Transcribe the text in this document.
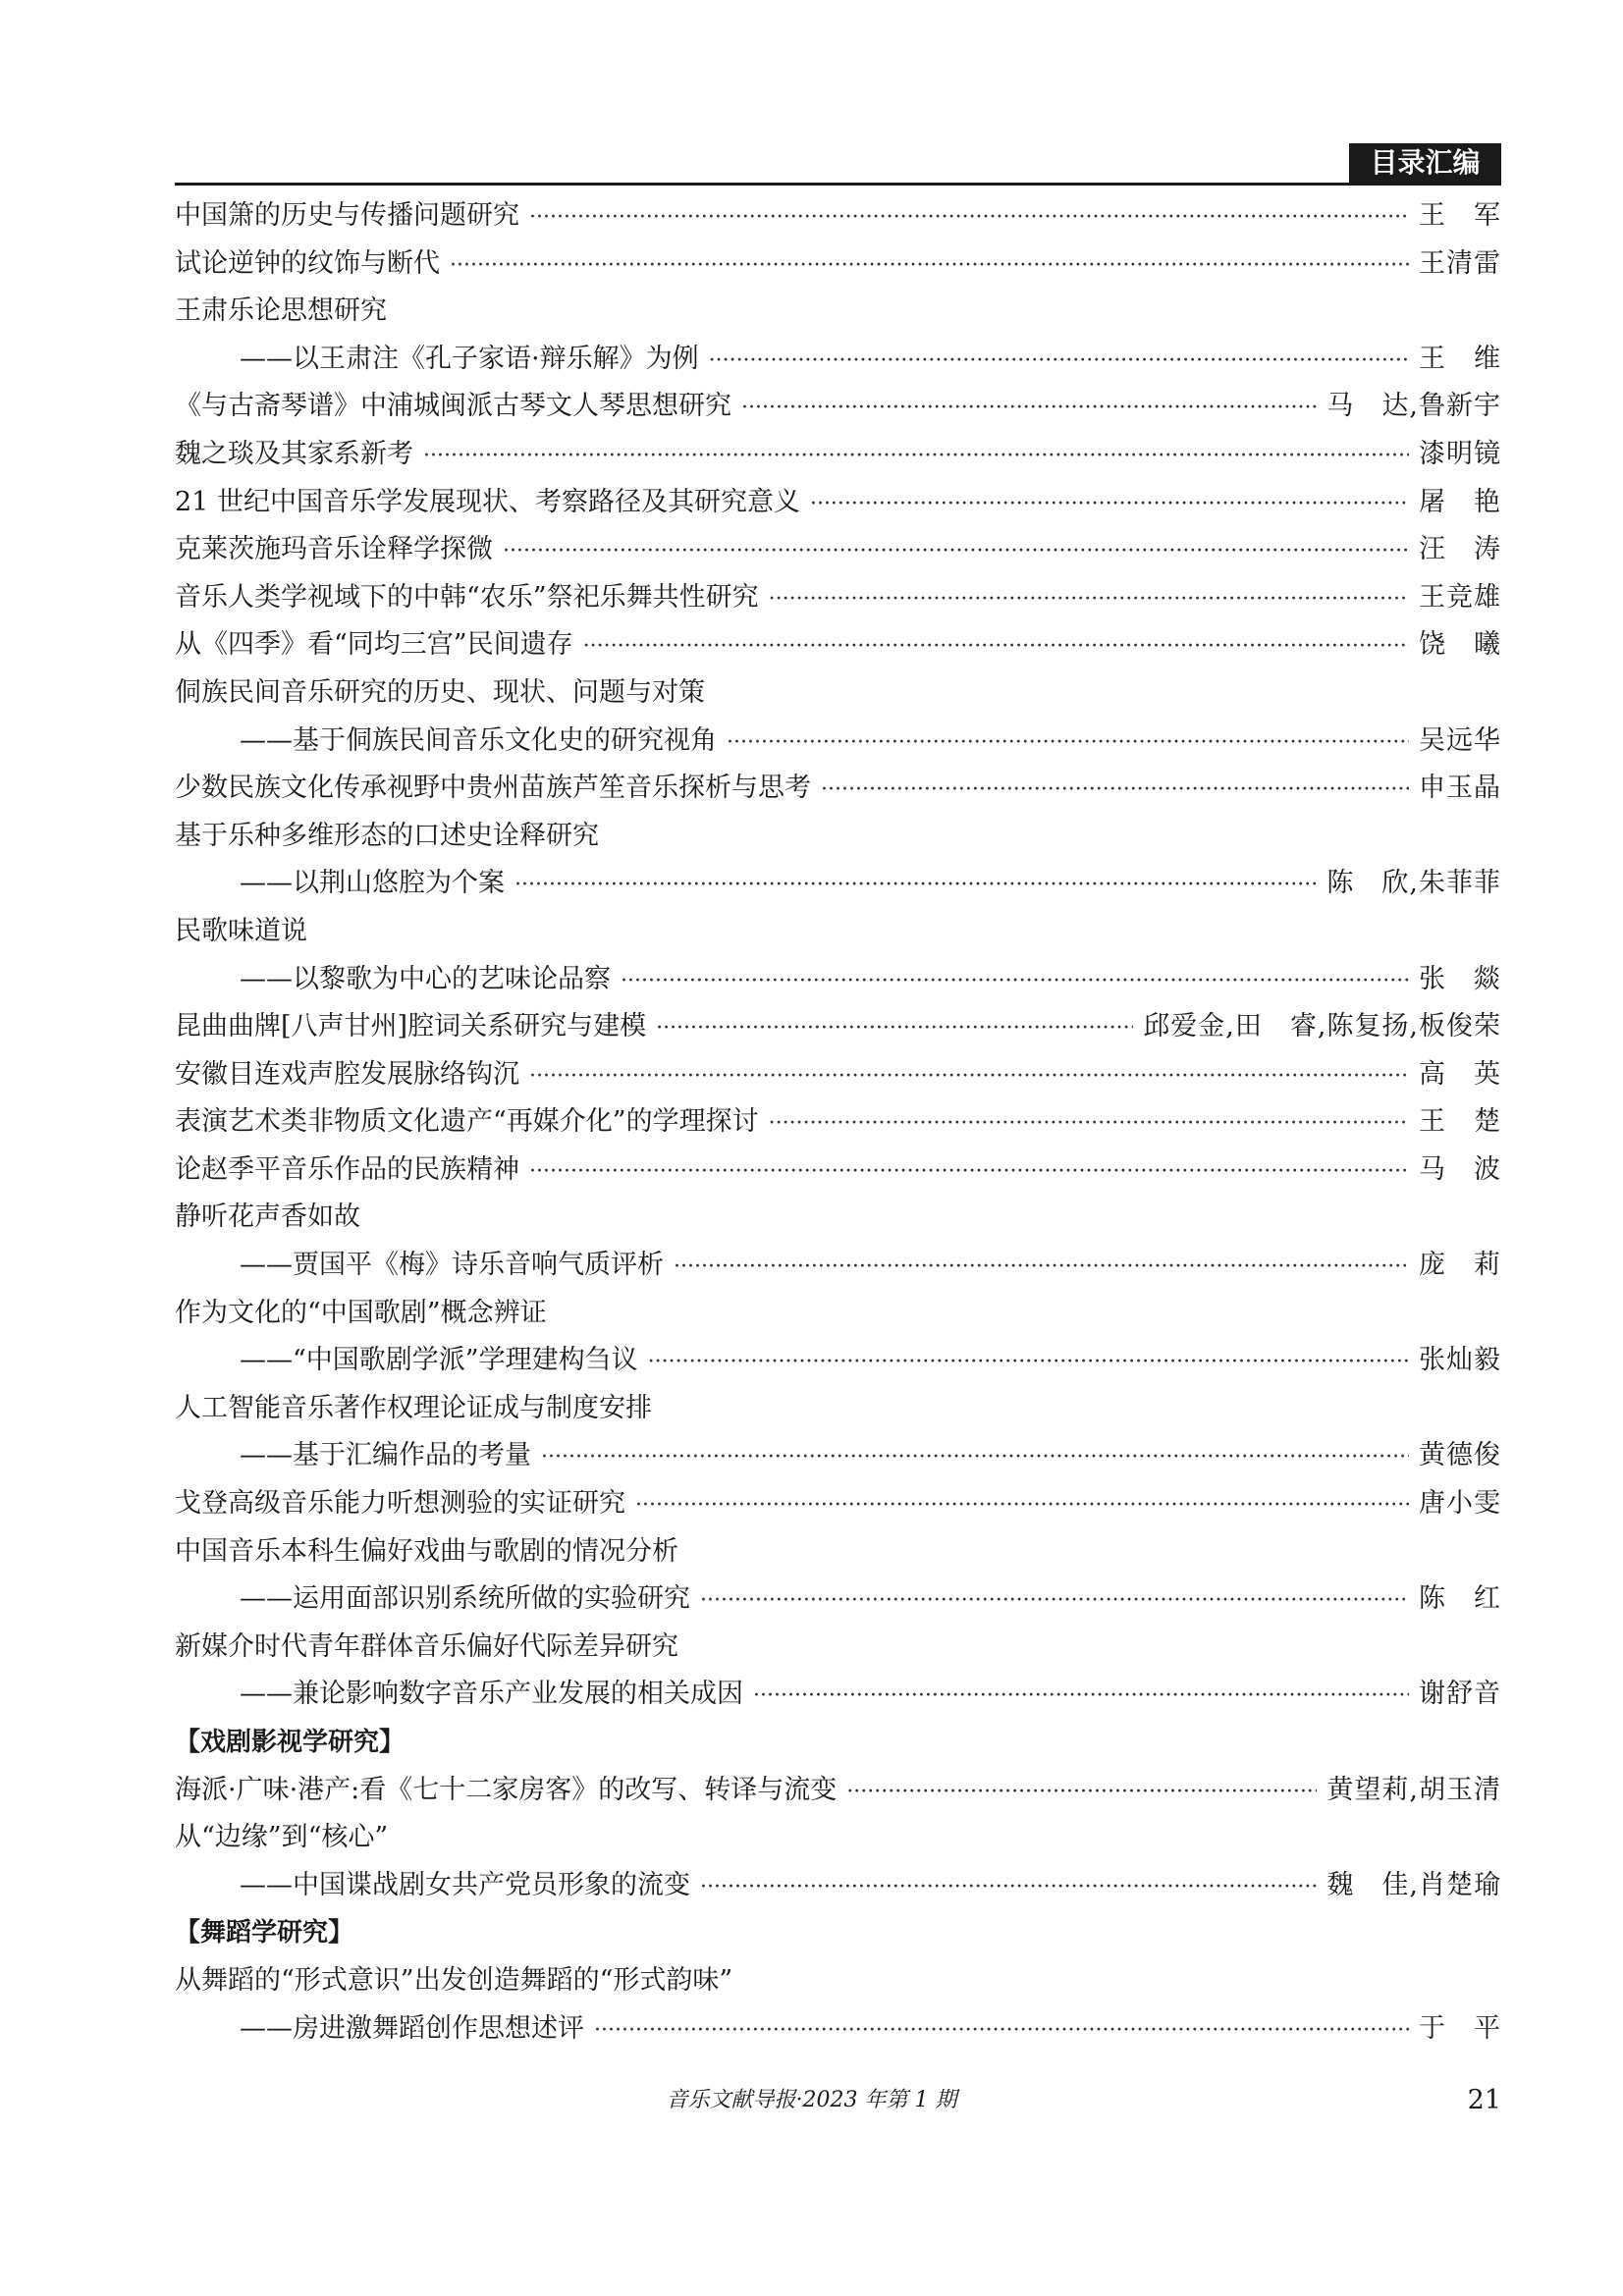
目录汇编
中国箫的历史与传播问题研究 ·····	王　军
试论逆钟的纹饰与断代 ·····	王清雷
王肃乐论思想研究
——以王肃注《孔子家语·辩乐解》为例 ·····	王　维
《与古斋琴谱》中浦城闽派古琴文人琴思想研究 ·····	马　达,鲁新宇
魏之琰及其家系新考 ·····	漆明镜
21 世纪中国音乐学发展现状、考察路径及其研究意义 ·····	屠　艳
克莱茨施玛音乐诠释学探微 ·····	汪　涛
音乐人类学视域下的中韩“农乐”祭祀乐舞共性研究 ·····	王竞雄
从《四季》看“同均三宫”民间遗存 ·····	饶　曦
侗族民间音乐研究的历史、现状、问题与对策
——基于侗族民间音乐文化史的研究视角 ·····	吴远华
少数民族文化传承视野中贵州苗族芦笙音乐探析与思考 ·····	申玉晶
基于乐种多维形态的口述史诠释研究
——以荆山悠腔为个案 ·····	陈　欣,朱菲菲
民歌味道说
——以黎歌为中心的艺味论品察 ·····	张　燚
昆曲曲牌[八声甘州]腔词关系研究与建模 ·····	邱爱金,田　睿,陈复扬,板俊荣
安徽目连戏声腔发展脉络钩沉 ·····	高　英
表演艺术类非物质文化遗产“再媒介化”的学理探讨 ·····	王　楚
论赵季平音乐作品的民族精神 ·····	马　波
静听花声香如故
——贾国平《梅》诗乐音响气质评析 ·····	庞　莉
作为文化的“中国歌剧”概念辨证
——“中国歌剧学派”学理建构刍议 ·····	张灿毅
人工智能音乐著作权理论证成与制度安排
——基于汇编作品的考量 ·····	黄德俊
戈登高级音乐能力听想测验的实证研究 ·····	唐小雯
中国音乐本科生偏好戏曲与歌剧的情况分析
——运用面部识别系统所做的实验研究 ·····	陈　红
新媒介时代青年群体音乐偏好代际差异研究
——兼论影响数字音乐产业发展的相关成因 ·····	谢舒音
【戏剧影视学研究】
海派·广味·港产:看《七十二家房客》的改写、转译与流变 ·····	黄望莉,胡玉清
从“边缘”到“核心”
——中国谍战剧女共产党员形象的流变 ·····	魏　佳,肖楚瑜
【舞蹈学研究】
从舞蹈的“形式意识”出发创造舞蹈的“形式韵味”
——房进激舞蹈创作思想述评 ·····	于　平
音乐文献导报·2023 年第 1 期	21
